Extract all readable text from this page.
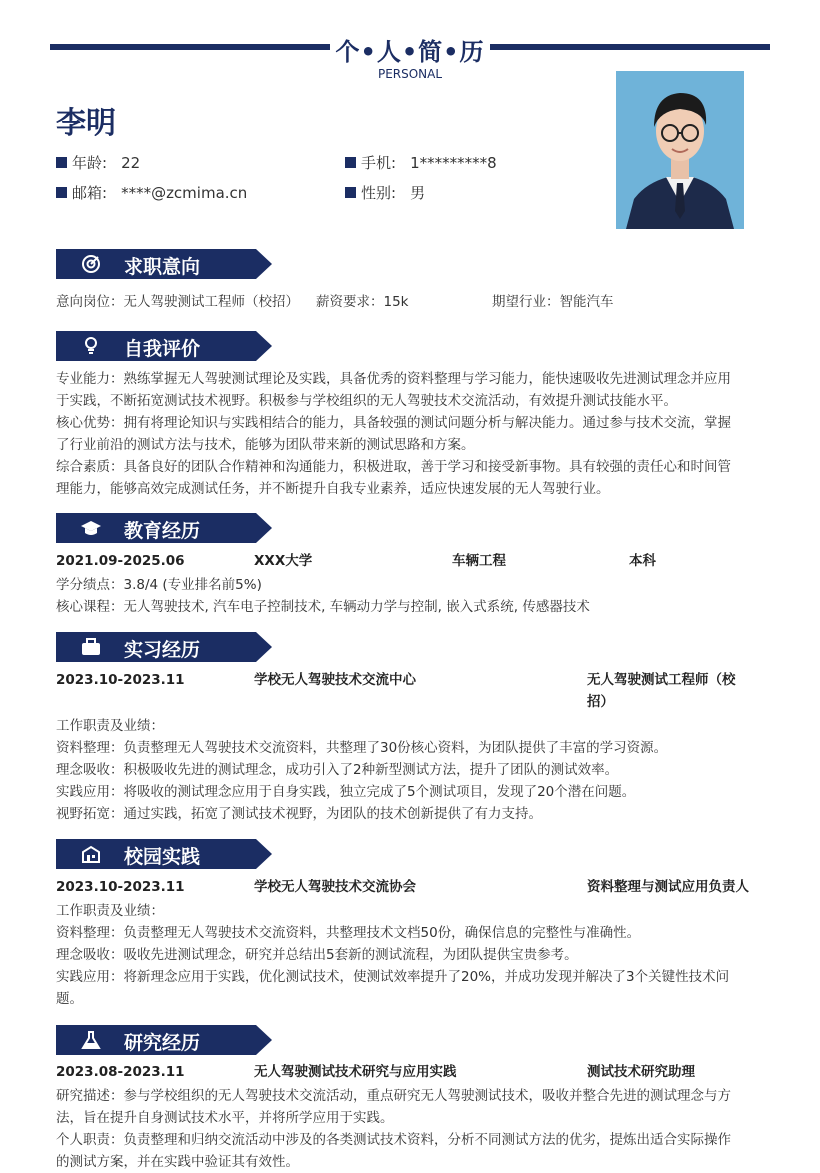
个•人•简•历
PERSONAL
李明
年龄: 22	手机: 1*********8
邮箱: ****@zcmima.cn	性别: 男
求职意向
意向岗位：无人驾驶测试工程师（校招） 薪资要求：15k	期望行业：智能汽车
自我评价
专业能力：熟练掌握无人驾驶测试理论及实践，具备优秀的资料整理与学习能力，能快速吸收先进测试理念并应用
于实践，不断拓宽测试技术视野。积极参与学校组织的无人驾驶技术交流活动，有效提升测试技能水平。
核心优势：拥有将理论知识与实践相结合的能力，具备较强的测试问题分析与解决能力。通过参与技术交流，掌握
了行业前沿的测试方法与技术，能够为团队带来新的测试思路和方案。
综合素质：具备良好的团队合作精神和沟通能力，积极进取，善于学习和接受新事物。具有较强的责任心和时间管
理能力，能够高效完成测试任务，并不断提升自我专业素养，适应快速发展的无人驾驶行业。
教育经历
2021.09-2025.06	XXX大学	车辆工程	本科
学分绩点：3.8/4 (专业排名前5%)
核心课程：无人驾驶技术, 汽车电子控制技术, 车辆动力学与控制, 嵌入式系统, 传感器技术
实习经历
2023.10-2023.11	学校无人驾驶技术交流中心	无人驾驶测试工程师（校
招）
工作职责及业绩：
资料整理：负责整理无人驾驶技术交流资料，共整理了30份核心资料，为团队提供了丰富的学习资源。
理念吸收：积极吸收先进的测试理念，成功引入了2种新型测试方法，提升了团队的测试效率。
实践应用：将吸收的测试理念应用于自身实践，独立完成了5个测试项目，发现了20个潜在问题。
视野拓宽：通过实践，拓宽了测试技术视野，为团队的技术创新提供了有力支持。
校园实践
2023.10-2023.11	学校无人驾驶技术交流协会	资料整理与测试应用负责人
工作职责及业绩：
资料整理：负责整理无人驾驶技术交流资料，共整理技术文档50份，确保信息的完整性与准确性。
理念吸收：吸收先进测试理念，研究并总结出5套新的测试流程，为团队提供宝贵参考。
实践应用：将新理念应用于实践，优化测试技术，使测试效率提升了20%，并成功发现并解决了3个关键性技术问
题。
研究经历
2023.08-2023.11	无人驾驶测试技术研究与应用实践	测试技术研究助理
研究描述：参与学校组织的无人驾驶技术交流活动，重点研究无人驾驶测试技术，吸收并整合先进的测试理念与方
法，旨在提升自身测试技术水平，并将所学应用于实践。
个人职责：负责整理和归纳交流活动中涉及的各类测试技术资料，分析不同测试方法的优劣，提炼出适合实际操作
的测试方案，并在实践中验证其有效性。
